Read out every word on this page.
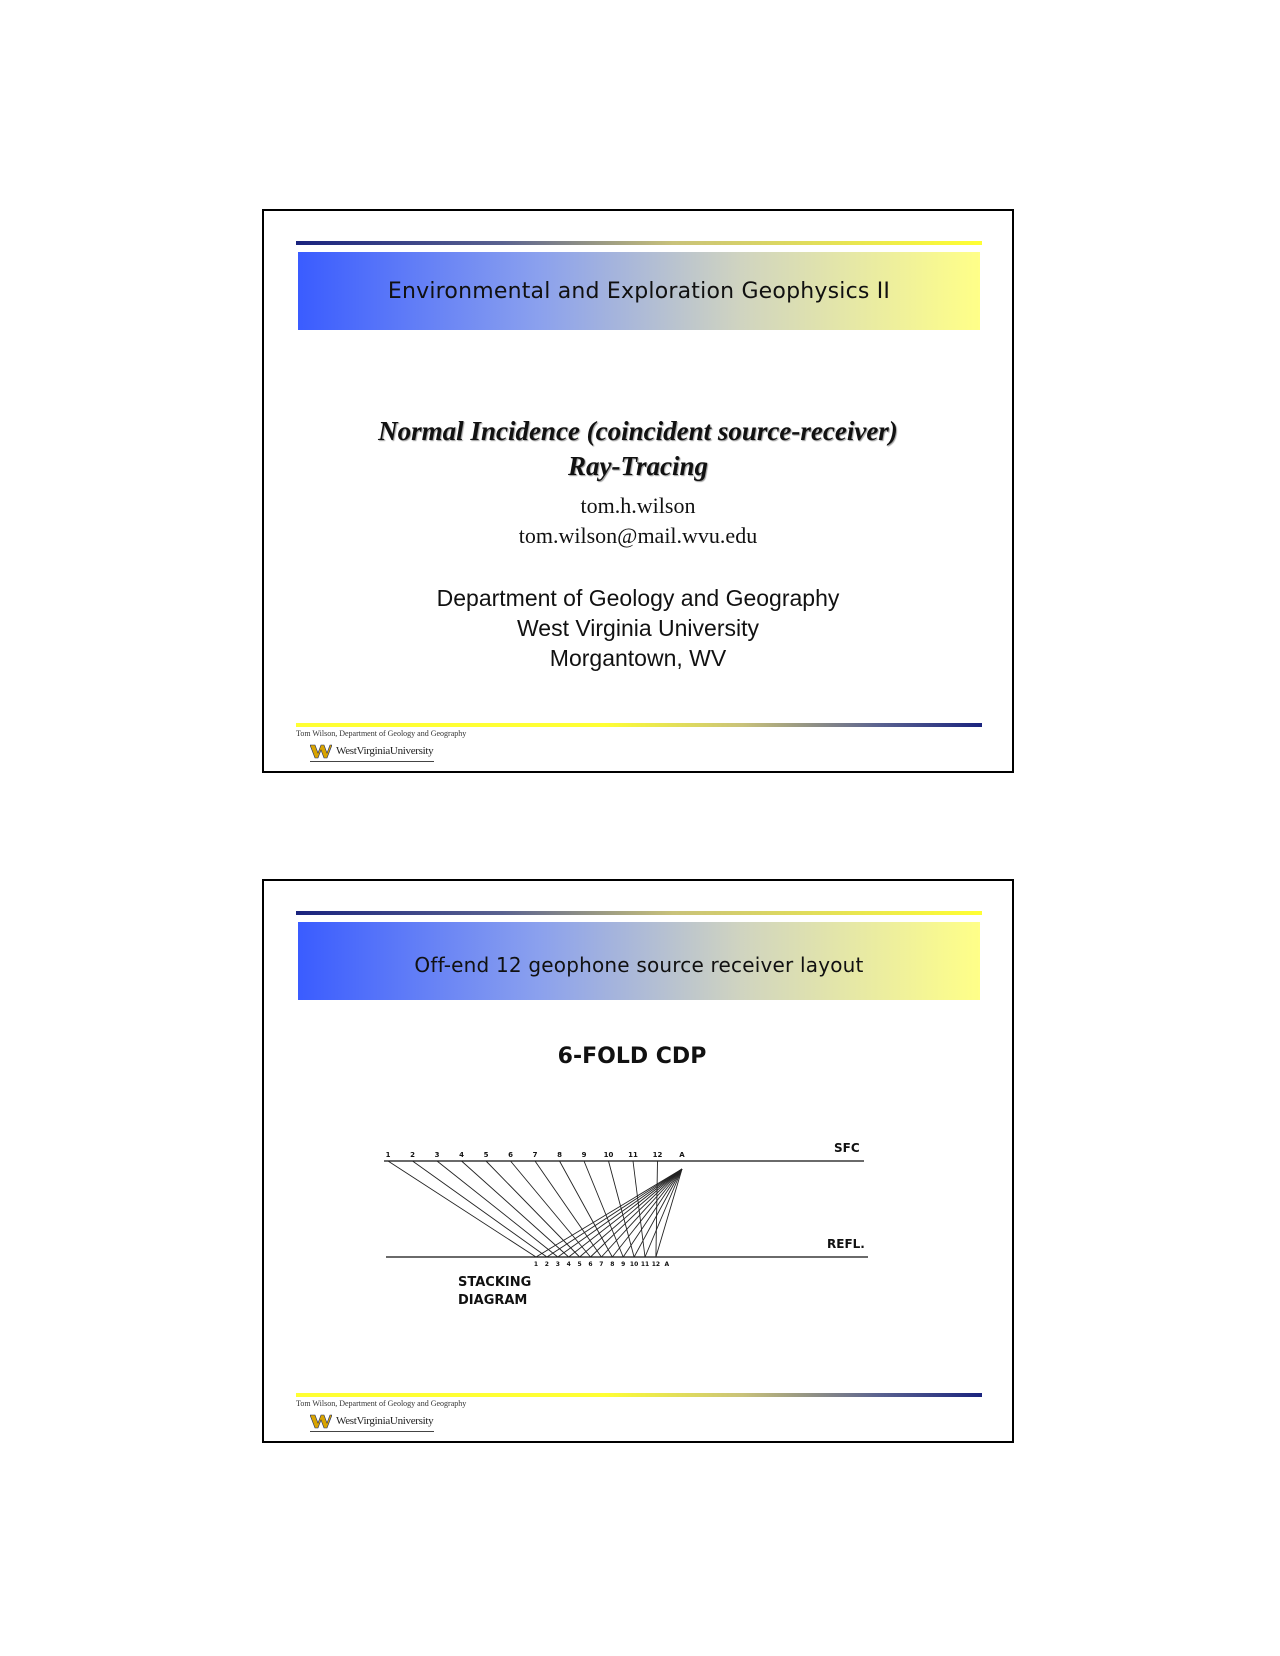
Environmental and Exploration Geophysics II
Normal Incidence (coincident source-receiver)
Ray-Tracing
tom.h.wilson
tom.wilson@mail.wvu.edu
Department of Geology and Geography
West Virginia University
Morgantown, WV
Tom Wilson, Department of Geology and Geography
WestVirginiaUniversity
Off-end 12 geophone source receiver layout
6-FOLD CDP
SFC
REFL.
STACKING
DIAGRAM
1	2	3	4	5	6	7	8	9 10 11 12 A
1 2 3 4 5 6 7 8 9 10 11 12 A
Tom Wilson, Department of Geology and Geography
WestVirginiaUniversity
1
